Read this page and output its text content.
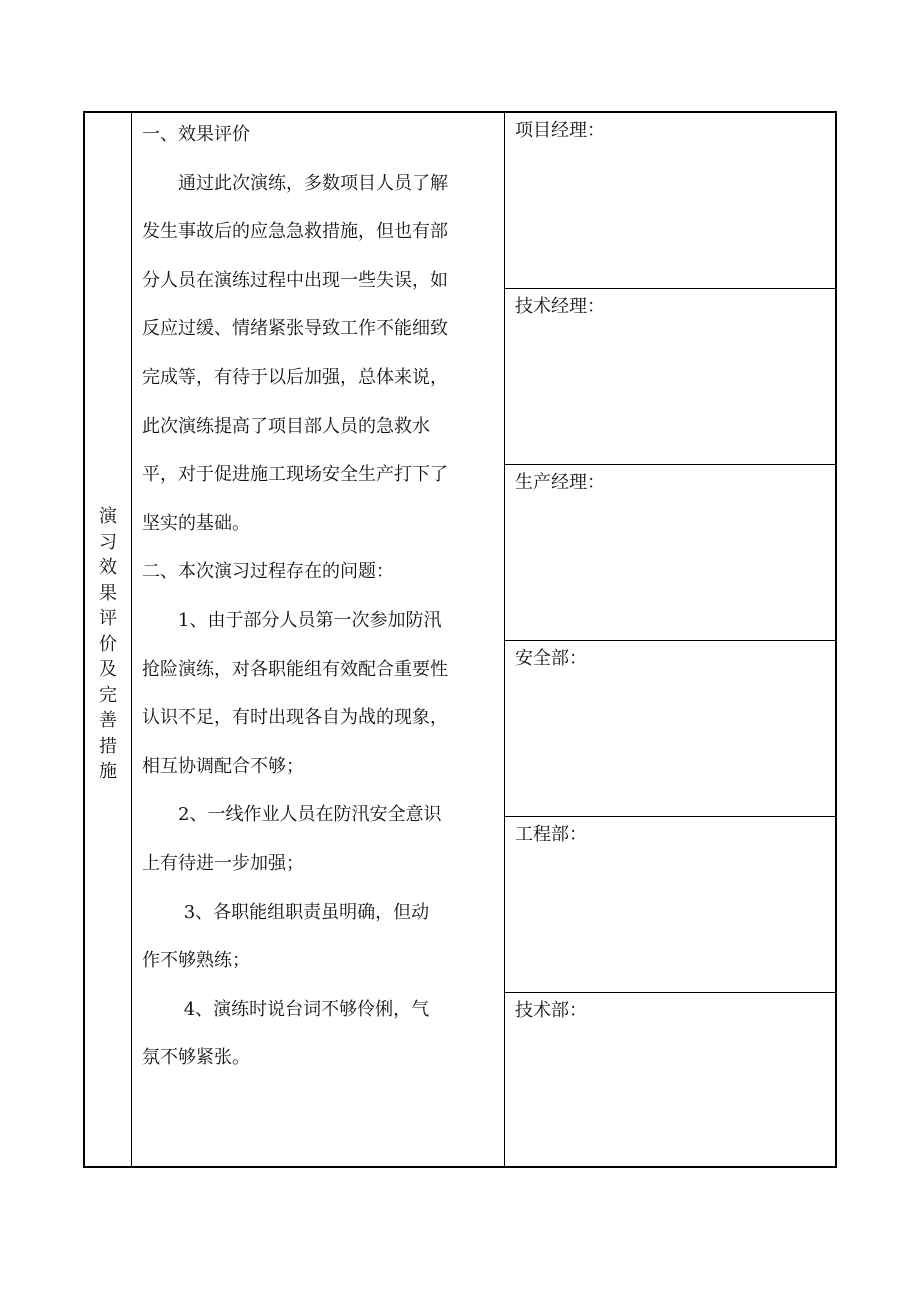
演
习
效
果
评
价
及
完
善
措
施
一、效果评价
　　通过此次演练，多数项目人员了解
发生事故后的应急急救措施，但也有部
分人员在演练过程中出现一些失误，如
反应过缓、情绪紧张导致工作不能细致
完成等，有待于以后加强，总体来说，
此次演练提高了项目部人员的急救水
平，对于促进施工现场安全生产打下了
坚实的基础。
二、本次演习过程存在的问题：
　　1、由于部分人员第一次参加防汛
抢险演练，对各职能组有效配合重要性
认识不足，有时出现各自为战的现象，
相互协调配合不够；
　　2、一线作业人员在防汛安全意识
上有待进一步加强；
　　 3、各职能组职责虽明确，但动
作不够熟练；
　　 4、演练时说台词不够伶俐，气
氛不够紧张。
项目经理：
技术经理：
生产经理：
安全部：
工程部：
技术部：
